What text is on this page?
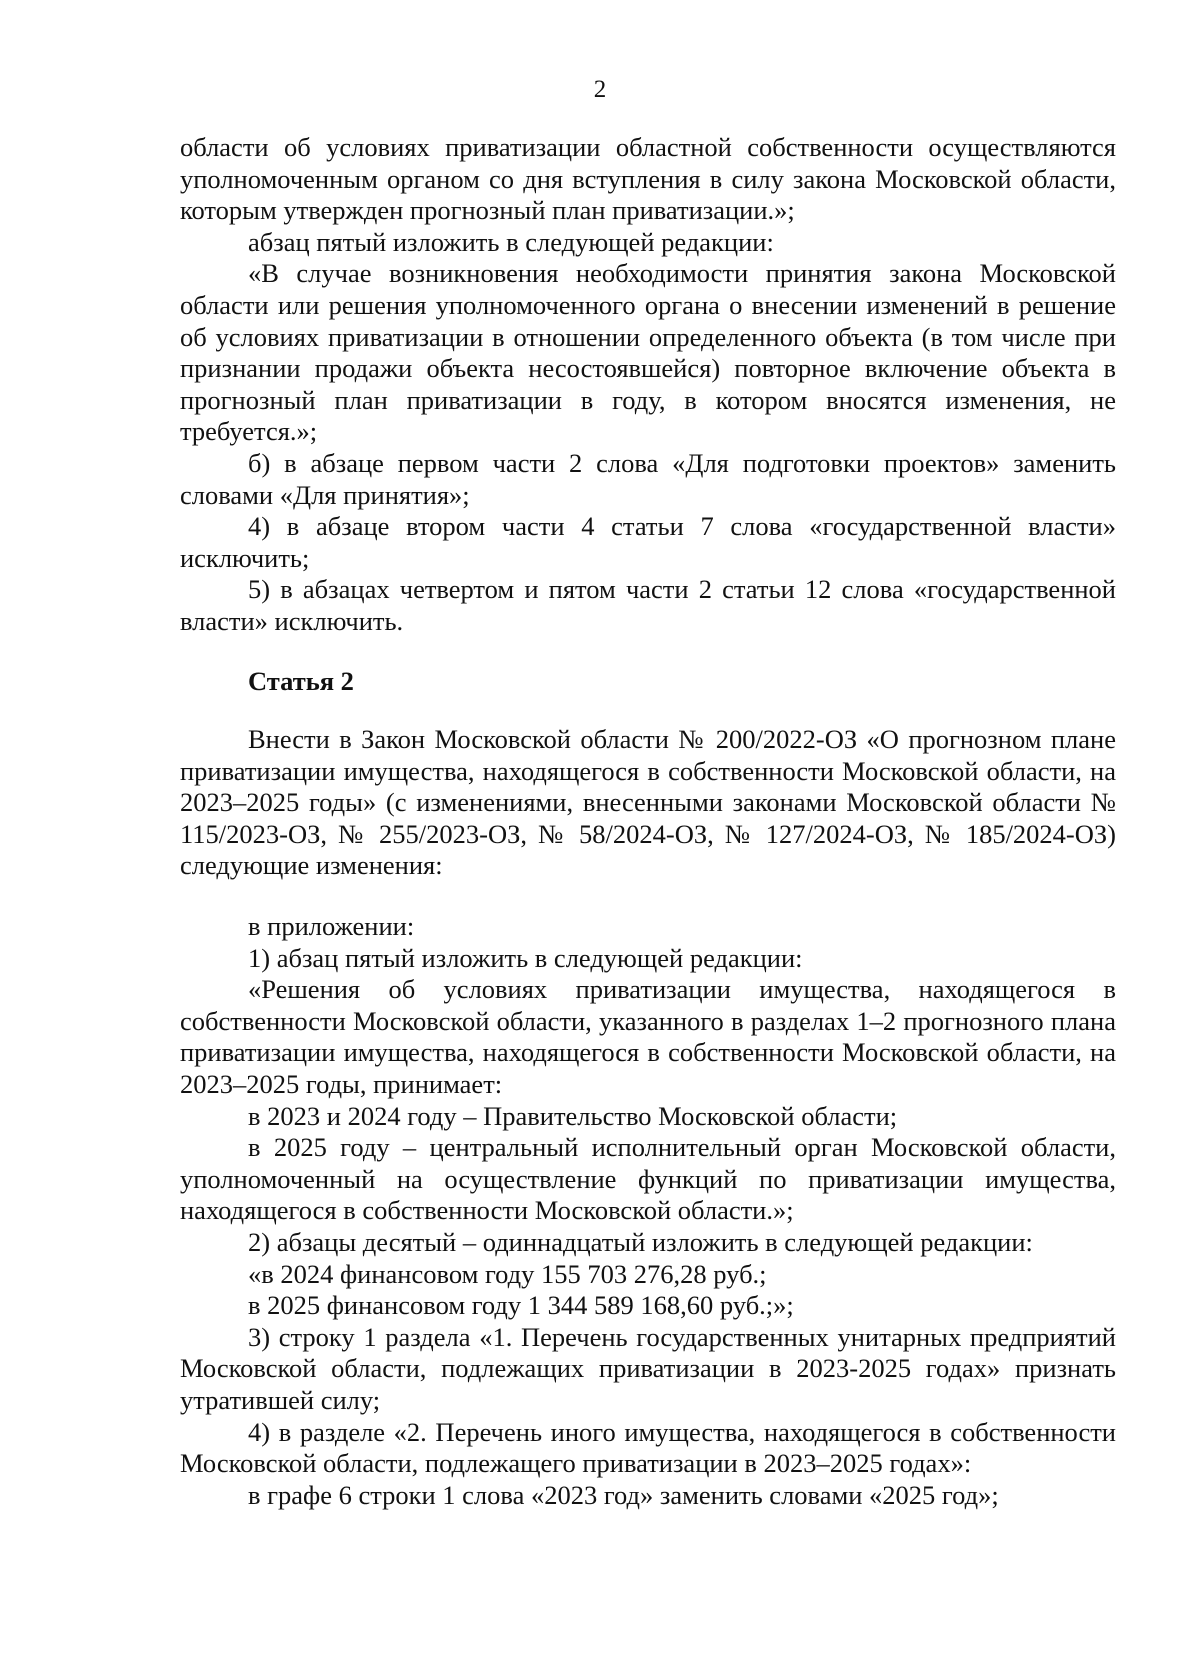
2

области об условиях приватизации областной собственности осуществляются уполномоченным органом со дня вступления в силу закона Московской области, которым утвержден прогнозный план приватизации.»;

абзац пятый изложить в следующей редакции:

«В случае возникновения необходимости принятия закона Московской области или решения уполномоченного органа о внесении изменений в решение об условиях приватизации в отношении определенного объекта (в том числе при признании продажи объекта несостоявшейся) повторное включение объекта в прогнозный план приватизации в году, в котором вносятся изменения, не требуется.»;

б) в абзаце первом части 2 слова «Для подготовки проектов» заменить словами «Для принятия»;

4) в абзаце втором части 4 статьи 7 слова «государственной власти» исключить;

5) в абзацах четвертом и пятом части 2 статьи 12 слова «государственной власти» исключить.

Статья 2

Внести в Закон Московской области № 200/2022-ОЗ «О прогнозном плане приватизации имущества, находящегося в собственности Московской области, на 2023–2025 годы» (с изменениями, внесенными законами Московской области № 115/2023-ОЗ, № 255/2023-ОЗ, № 58/2024-ОЗ, № 127/2024-ОЗ, № 185/2024-ОЗ) следующие изменения:

в приложении:

1) абзац пятый изложить в следующей редакции:

«Решения об условиях приватизации имущества, находящегося в собственности Московской области, указанного в разделах 1–2 прогнозного плана приватизации имущества, находящегося в собственности Московской области, на 2023–2025 годы, принимает:

в 2023 и 2024 году – Правительство Московской области;

в 2025 году – центральный исполнительный орган Московской области, уполномоченный на осуществление функций по приватизации имущества, находящегося в собственности Московской области.»;

2) абзацы десятый – одиннадцатый изложить в следующей редакции:

«в 2024 финансовом году 155 703 276,28 руб.;

в 2025 финансовом году 1 344 589 168,60 руб.;»;

3) строку 1 раздела «1. Перечень государственных унитарных предприятий Московской области, подлежащих приватизации в 2023-2025 годах» признать утратившей силу;

4) в разделе «2. Перечень иного имущества, находящегося в собственности Московской области, подлежащего приватизации в 2023–2025 годах»:

в графе 6 строки 1 слова «2023 год» заменить словами «2025 год»;
